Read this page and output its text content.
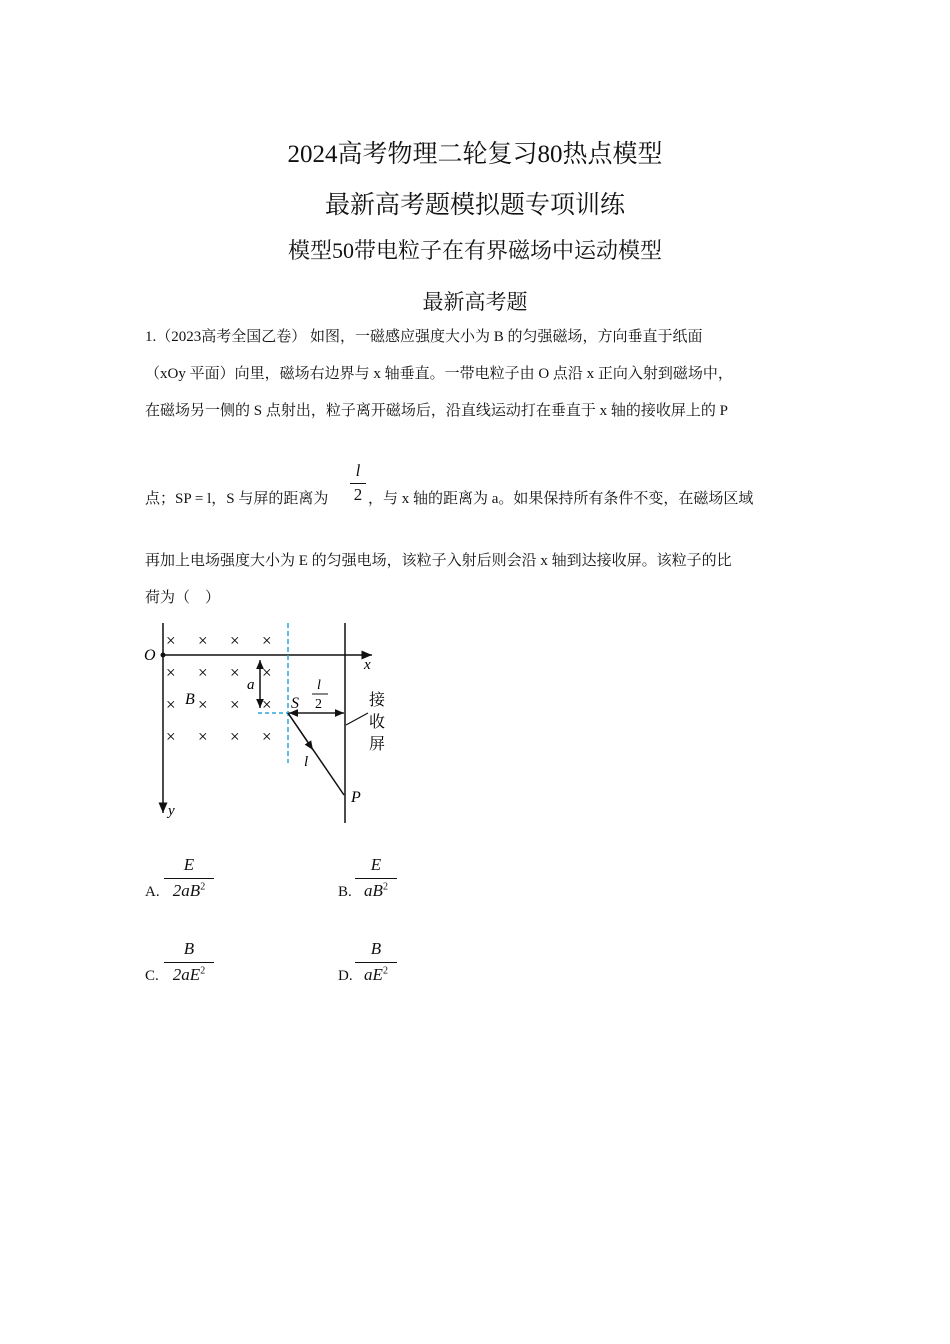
2024高考物理二轮复习80热点模型
最新高考题模拟题专项训练
模型50带电粒子在有界磁场中运动模型
最新高考题
1.（2023高考全国乙卷） 如图，一磁感应强度大小为 B 的匀强磁场，方向垂直于纸面
（xOy 平面）向里，磁场右边界与 x 轴垂直。一带电粒子由 O 点沿 x 正向入射到磁场中，
在磁场另一侧的 S 点射出，粒子离开磁场后，沿直线运动打在垂直于 x 轴的接收屏上的 P
点；SP = l，S 与屏的距离为
l
2 ，与 x 轴的距离为 a。如果保持所有条件不变，在磁场区域
再加上电场强度大小为 E 的匀强电场，该粒子入射后则会沿 x 轴到达接收屏。该粒子的比
荷为（　）
O
x
y
× × × ×
× × × ×
× × × ×
× × × ×
B
a
S
l
2	接
收
屏
l
P
A.
E
$2aB^2$	B.
E
$aB^2$
C.
B
$2aE^2$	D.
B
$aE^2$
